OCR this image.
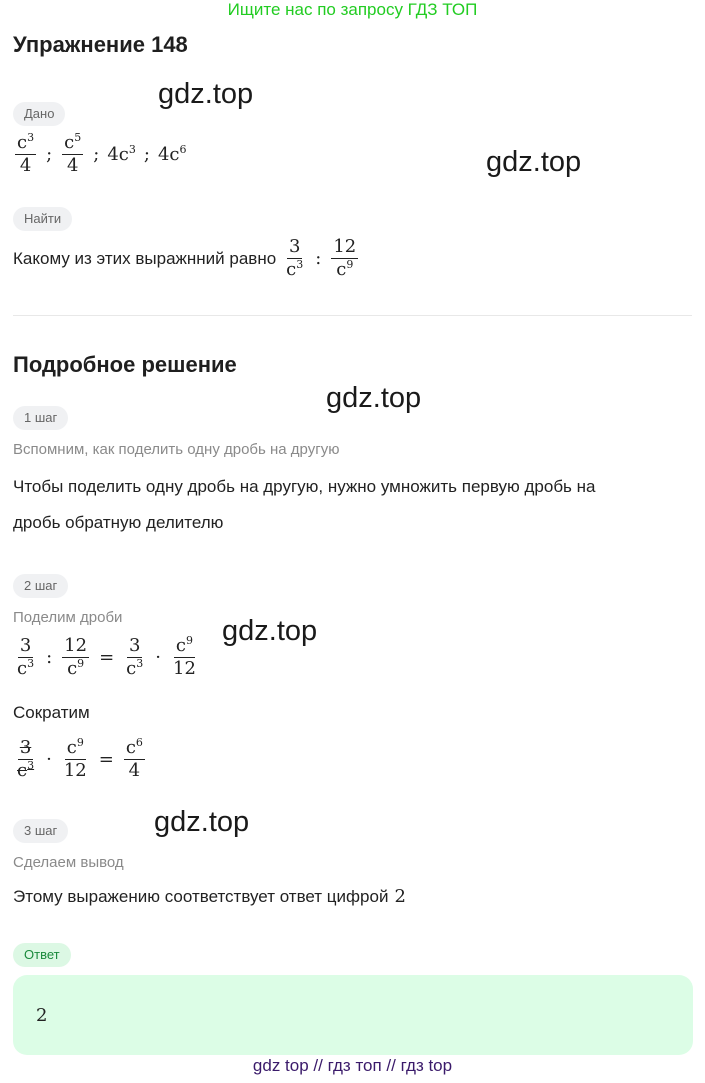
Ищите нас по запросу ГДЗ ТОП
Упражнение 148
gdz.top
gdz.top
gdz.top
gdz.top
gdz.top
Дано
$\frac{c^3}{4}$ ; $\frac{c^5}{4}$ ; $4c^3$ ; $4c^6$
Найти
Какому из этих выражнний равно $\frac{3}{c^3}$ : $\frac{12}{c^9}$
Подробное решение
1 шаг
Вспомним, как поделить одну дробь на другую
Чтобы поделить одну дробь на другую, нужно умножить первую дробь на
дробь обратную делителю
2 шаг
Поделим дроби
$\frac{3}{c^3}$ : $\frac{12}{c^9} = \frac{3}{c^3} \cdot \frac{c^9}{12}$
Сократим
$\frac{3}{c^3} \cdot \frac{c^9}{12} = \frac{c^6}{4}$
3 шаг
Сделаем вывод
Этому выражению соответствует ответ цифрой 2
Ответ
2
gdz top // гдз топ // гдз top
